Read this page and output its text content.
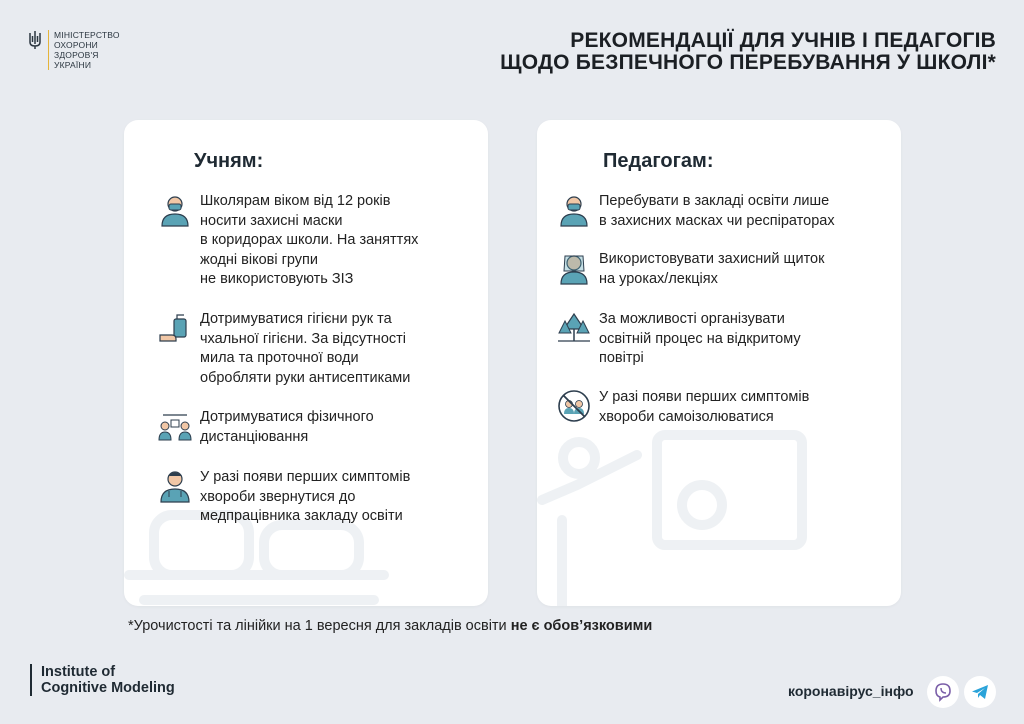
МІНІСТЕРСТВО
ОХОРОНИ
ЗДОРОВ'Я
УКРАЇНИ
РЕКОМЕНДАЦІЇ ДЛЯ УЧНІВ І ПЕДАГОГІВ
ЩОДО БЕЗПЕЧНОГО ПЕРЕБУВАННЯ У ШКОЛІ*
Учням:
Школярам віком від 12 років
носити захисні маски
в коридорах школи. На заняттях
жодні вікові групи
не використовують ЗІЗ
Дотримуватися гігієни рук та
чхальної гігієни. За відсутності
мила та проточної води
обробляти руки антисептиками
Дотримуватися фізичного
дистанціювання
У разі появи перших симптомів
хвороби звернутися до
медпрацівника закладу освіти
Педагогам:
Перебувати в закладі освіти лише
в захисних масках чи респіраторах
Використовувати захисний щиток
на уроках/лекціях
За можливості організувати
освітній процес на відкритому
повітрі
У разі появи перших симптомів
хвороби самоізолюватися
*Урочистості та лінійки на 1 вересня для закладів освіти не є обов’язковими
Institute of
Cognitive Modeling	коронавірус_інфо
